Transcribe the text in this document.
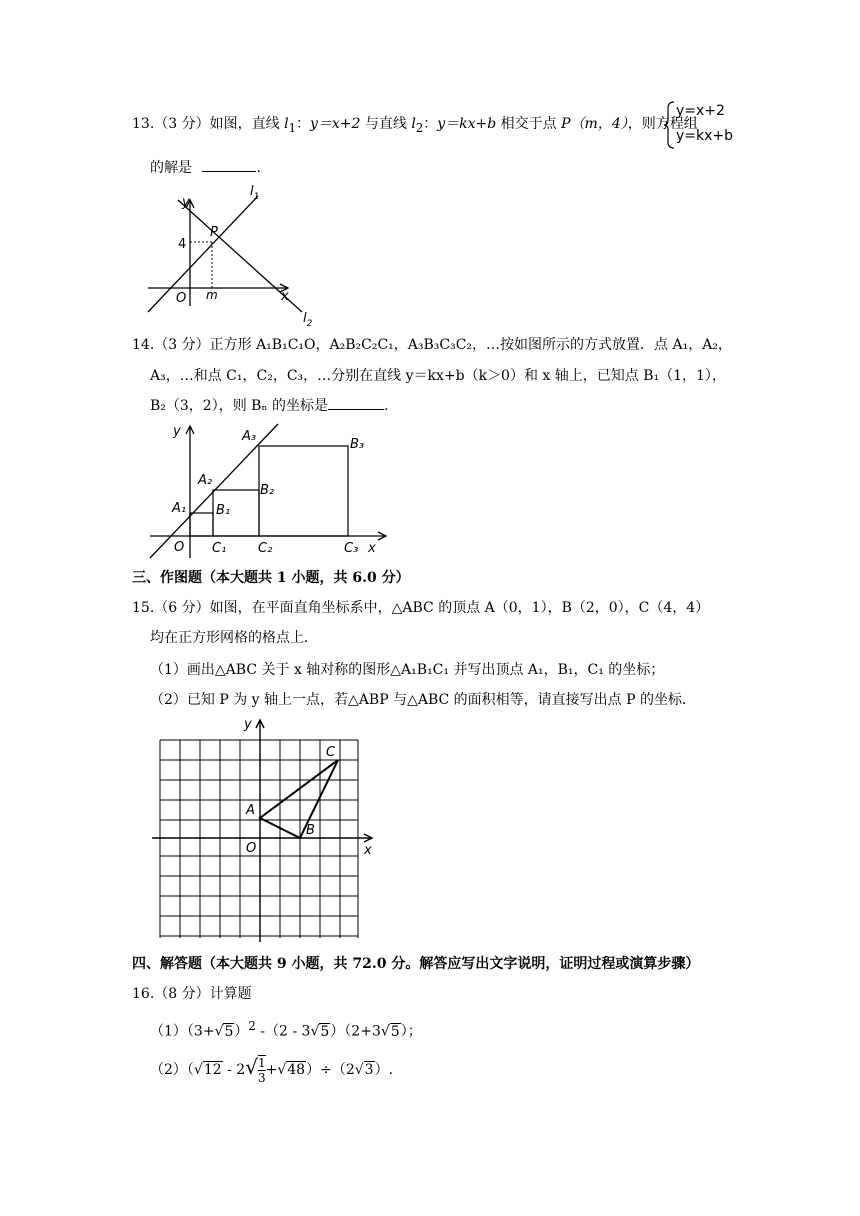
13.（3 分）如图，直线 $l_1$：y＝x+2 与直线 $l_2$：y＝kx+b 相交于点 P（m，4），则方程组
y=x+2
y=kx+b
的解是	.
y
x
O
P
4
m
$l_1$
$l_2$
14.（3 分）正方形 A₁B₁C₁O，A₂B₂C₂C₁，A₃B₃C₃C₂，…按如图所示的方式放置．点 A₁，A₂，
A₃，…和点 C₁，C₂，C₃，…分别在直线 y＝kx+b（k＞0）和 x 轴上，已知点 B₁（1，1），
B₂（3，2），则 Bₙ 的坐标是	.
y
x
O
A₁
A₂
A₃
B₁
B₂
B₃
C₁ C₂	C₃
三、作图题（本大题共 1 小题，共 6.0 分）
15.（6 分）如图，在平面直角坐标系中，△ABC 的顶点 A（0，1），B（2，0），C（4，4）
均在正方形网格的格点上．
（1）画出△ABC 关于 x 轴对称的图形△A₁B₁C₁ 并写出顶点 A₁，B₁，C₁ 的坐标；
（2）已知 P 为 y 轴上一点，若△ABP 与△ABC 的面积相等，请直接写出点 P 的坐标．
y
x
O
A
B
C
四、解答题（本大题共 9 小题，共 72.0 分。解答应写出文字说明，证明过程或演算步骤）
16.（8 分）计算题
$(1)(3+√5)^2$ -（2 - 3√5）（2+3√5）；
$(2)(√12 - 2√ \frac{1}{3} +√48)\div(2√3)$.
